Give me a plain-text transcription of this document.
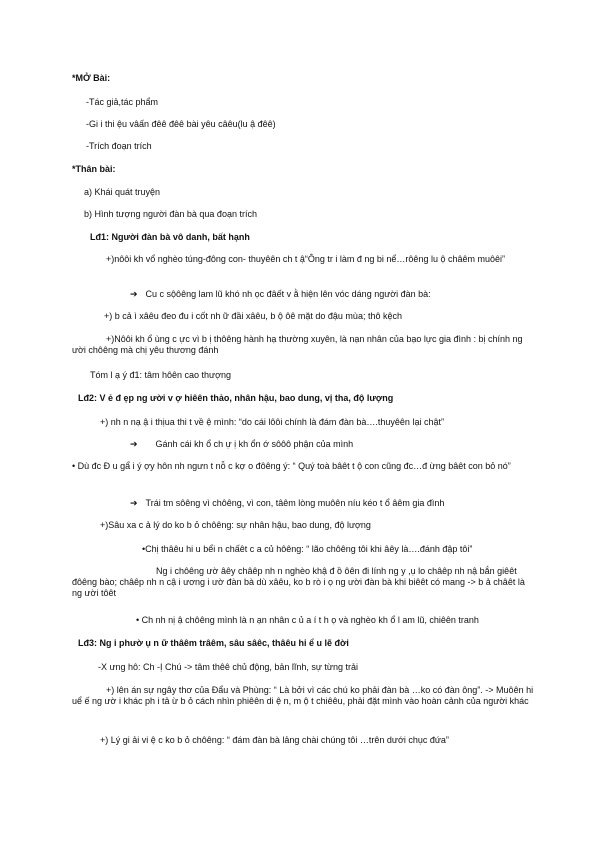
*MỞ Bài:
-Tác giả,tác phẩm
-Gi i thi ệu vâấn đêê đêê bài yêu câêu(lu ậ đêê)
-Trích đoạn trích
*Thân bài:
a) Khái quát truyện
b) Hình tượng người đàn bà qua đoạn trích
Lđ1: Người đàn bà vô danh, bất hạnh
+)nôôi kh vổ nghèo túng-đông con- thuyêên ch t ậ“Ông tr i làm đ ng bi nể…rôêng lu ộ châêm muôêi”
➔ Cu c sộôêng lam lũ khó nh ọc đâết v ằ hiện lên vóc dáng người đàn bà:
+) b cả ì xâêu đeo đu i cốt nh ữ đầi xâêu, b ộ ôê mặt do đậu mùa; thô kệch
+)Nôôi kh ổ ùng c ực vì b ị thôêng hành hạ thường xuyên, là nạn nhân của bạo lực gia đình : bị chính ng ười chôêng mà chị yêu thương đánh
Tóm l ạ ý đ1: tâm hôên cao thượng
Lđ2: V ẻ đ ẹp ng ười v ợ hiêên thảo, nhân hậu, bao dung, vị tha, độ lượng
+) nh n nạ ậ i thịua thi t về ệ mình: “do cái lôôi chính là đám đàn bà….thuyêên lại chật”
➔ Gánh cái kh ổ ch ự ị kh ổn ớ sôôô phận của mình
• Dù đc Đ u gẩ i ý ợy hôn nh ngưn t nỗ c kợ o đôêng ý: “ Quý toà bâêt t ộ con cũng đc…đ ừng bâêt con bỏ nó”
➔ Trái tm sôêng vì chôêng, vì con, tâêm lòng muôên níu kéo t ổ âêm gia đình
+)Sâu xa c ả lý do ko b ỏ chôêng: sự nhân hậu, bao dung, độ lượng
•Chị thâêu hi u bểi n chấêt c a củ hôêng: “ lão chôêng tôi khi âêy là….đánh đập tôi”
Ng i chôêng ườ âêy châêp nh n nghèo khậ đ ồ ôên đi lính ng y ,ụ lo châêp nh nậ bắn giêêt đôêng bào; châêp nh n cậ i ương i ườ đàn bà dù xâêu, ko b rò i ọ ng ười đàn bà khi biêêt có mang -> b ả châêt là ng ười tôêt
• Ch nh nị ậ chôêng mình là n ạn nhân c ủ a í t h ọ và nghèo kh ổ l am lũ, chiêên tranh
Lđ3: Ng i phườ ụ n ữ thâêm trâêm, sâu sâêc, thâêu hi ể u lẽ đời
-X ưng hô: Ch -Ị Chú -> tâm thêê chủ động, bản lĩnh, sự từng trải
+) lên án sự ngây thơ của Đẩu và Phùng: “ Là bởi vì các chú ko phải đàn bà …ko có đàn ông”. -> Muôên hi uể ế ng ườ i khác ph i tả ừ b ỏ cách nhìn phiêên di ệ n, m ộ t chiêêu, phải đặt mình vào hoàn cảnh của người khác
+) Lý gi ải vi ệ c ko b ỏ chôêng: “ đám đàn bà lảng chài chúng tôi …trên dưới chục đứa”
